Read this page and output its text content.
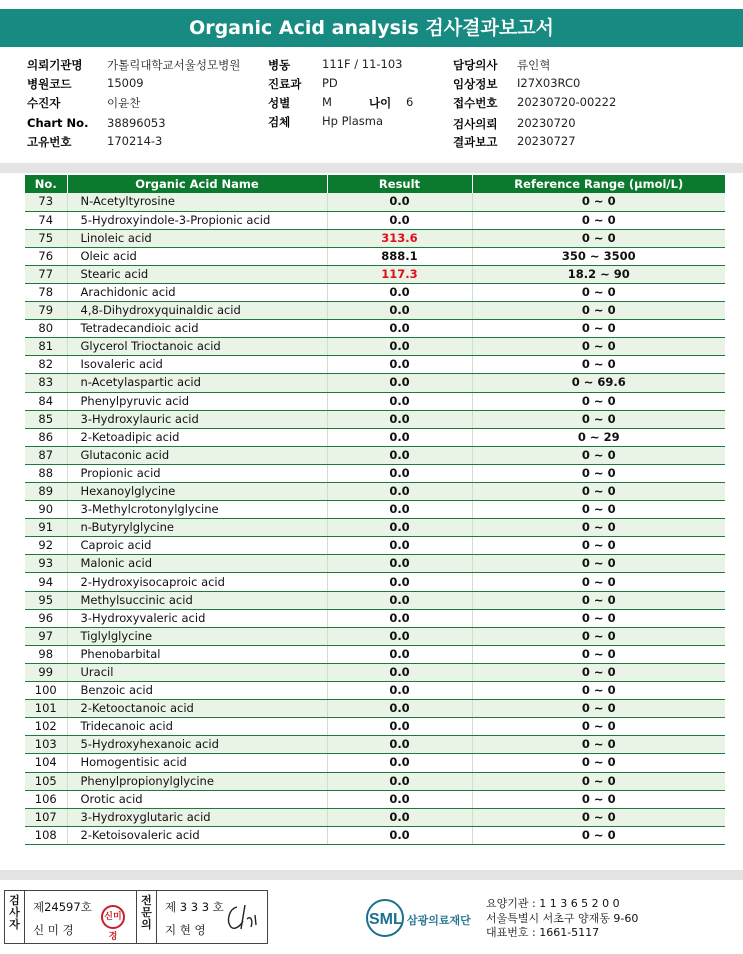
Organic Acid analysis 검사결과보고서
의뢰기관명 가톨릭대학교서울성모병원
병원코드	15009
수진자	이윤찬
Chart No. 38896053
고유번호	170214-3
병동	111F / 11-103
진료과 PD
성별	M	나이 6
검체	Hp Plasma
담당의사 류인혁
임상정보 I27X03RC0
접수번호 20230720-00222
검사의뢰 20230720
결과보고 20230727
No.	Organic Acid Name	Result	Reference Range (μmol/L)
73	N-Acetyltyrosine	0.0	0 ~ 0
74	5-Hydroxyindole-3-Propionic acid	0.0	0 ~ 0
75	Linoleic acid	313.6	0 ~ 0
76	Oleic acid	888.1	350 ~ 3500
77	Stearic acid	117.3	18.2 ~ 90
78	Arachidonic acid	0.0	0 ~ 0
79	4,8-Dihydroxyquinaldic acid	0.0	0 ~ 0
80	Tetradecandioic acid	0.0	0 ~ 0
81	Glycerol Trioctanoic acid	0.0	0 ~ 0
82	Isovaleric acid	0.0	0 ~ 0
83	n-Acetylaspartic acid	0.0	0 ~ 69.6
84	Phenylpyruvic acid	0.0	0 ~ 0
85	3-Hydroxylauric acid	0.0	0 ~ 0
86	2-Ketoadipic acid	0.0	0 ~ 29
87	Glutaconic acid	0.0	0 ~ 0
88	Propionic acid	0.0	0 ~ 0
89	Hexanoylglycine	0.0	0 ~ 0
90	3-Methylcrotonylglycine	0.0	0 ~ 0
91	n-Butyrylglycine	0.0	0 ~ 0
92	Caproic acid	0.0	0 ~ 0
93	Malonic acid	0.0	0 ~ 0
94	2-Hydroxyisocaproic acid	0.0	0 ~ 0
95	Methylsuccinic acid	0.0	0 ~ 0
96	3-Hydroxyvaleric acid	0.0	0 ~ 0
97	Tiglylglycine	0.0	0 ~ 0
98	Phenobarbital	0.0	0 ~ 0
99	Uracil	0.0	0 ~ 0
100	Benzoic acid	0.0	0 ~ 0
101	2-Ketooctanoic acid	0.0	0 ~ 0
102	Tridecanoic acid	0.0	0 ~ 0
103	5-Hydroxyhexanoic acid	0.0	0 ~ 0
104	Homogentisic acid	0.0	0 ~ 0
105	Phenylpropionylglycine	0.0	0 ~ 0
106	Orotic acid	0.0	0 ~ 0
107	3-Hydroxyglutaric acid	0.0	0 ~ 0
108	2-Ketoisovaleric acid	0.0	0 ~ 0
검사자
제24597호
신 미 경
신미경
전문의
제 3 3 3 호
지 현 영
SML 삼광의료재단
요양기관 : 1 1 3 6 5 2 0 0
서울특별시 서초구 양재동 9-60
대표번호 : 1661-5117
